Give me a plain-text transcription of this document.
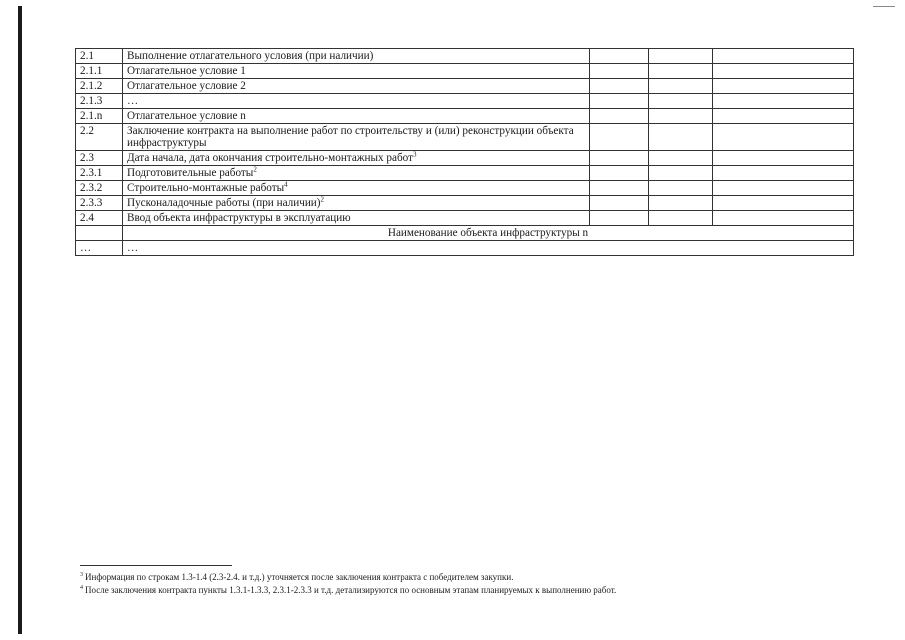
2.1	Выполнение отлагательного условия (при наличии)			
2.1.1	Отлагательное условие 1			
2.1.2	Отлагательное условие 2			
2.1.3	…			
2.1.n	Отлагательное условие n			
2.2	Заключение контракта на выполнение работ по строительству и (или) реконструкции объекта инфраструктуры			
2.3	Дата начала, дата окончания строительно-монтажных работ$^3$			
2.3.1	Подготовительные работы$^2$			
2.3.2	Строительно-монтажные работы$^4$			
2.3.3	Пусконаладочные работы (при наличии)$^2$			
2.4	Ввод объекта инфраструктуры в эксплуатацию			
	Наименование объекта инфраструктуры n			
…	…			
$^3$ Информация по строкам 1.3-1.4 (2.3-2.4. и т.д.) уточняется после заключения контракта с победителем закупки.
$^4$ После заключения контракта пункты 1.3.1-1.3.3, 2.3.1-2.3.3 и т.д. детализируются по основным этапам планируемых к выполнению работ.
